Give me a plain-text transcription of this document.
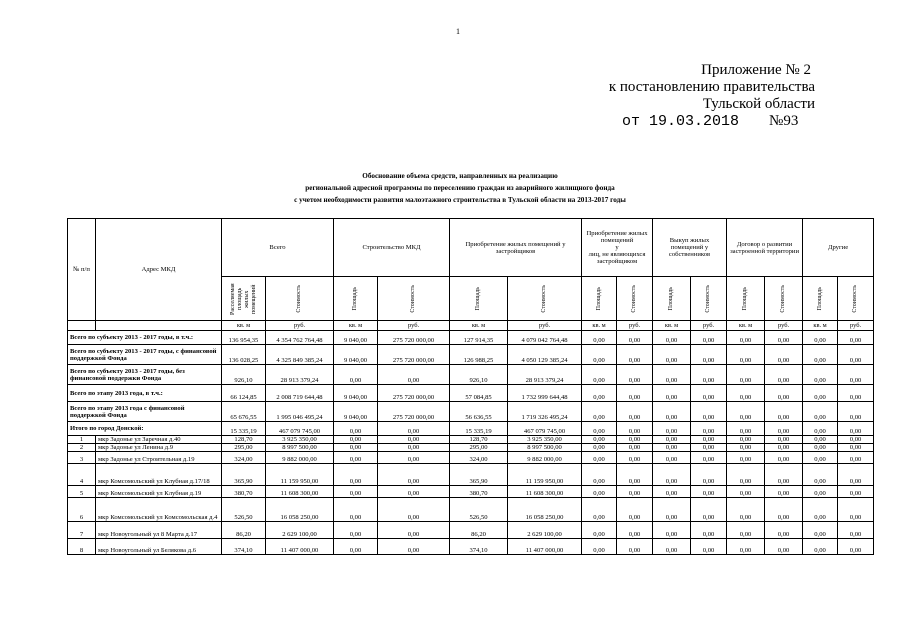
1
Приложение № 2
к постановлению правительства
Тульской области
от 19.03.2018 №93
Обоснование объема средств, направленных на реализацию
региональной адресной программы по переселению граждан из аварийного жилищного фонда
с учетом необходимости развития малоэтажного строительства в Тульской области на 2013-2017 годы
№ п/п	Адрес МКД	Всего		Строительство МКД		Приобретение жилых помещений у застройщиков		Приобретение жилых помещений
у
лиц, не являющихся застройщиком		Выкуп жилых помещений у собственников		Договор о развитии застроенной территории		Другие	

		Расселяемая площадь жилых помещений	Стоимость	Площадь	Стоимость	Площадь	Стоимость	Площадь	Стоимость	Площадь	Стоимость	Площадь	Стоимость	Площадь	Стоимость

		кв. м	руб.	кв. м	руб.	кв. м	руб.	кв. м	руб.	кв. м	руб.	кв. м	руб.	кв. м	руб.
Всего по субъекту 2013 - 2017 годы, в т.ч.:		136 954,35	4 354 762 764,48	9 040,00	275 720 000,00	127 914,35	4 079 042 764,48	0,00	0,00	0,00	0,00	0,00	0,00	0,00	0,00
Всего по субъекту 2013 - 2017 годы, с финансовой поддержкой Фонда		136 028,25	4 325 849 385,24	9 040,00	275 720 000,00	126 988,25	4 050 129 385,24	0,00	0,00	0,00	0,00	0,00	0,00	0,00	0,00
Всего по субъекту 2013 - 2017 годы, без финансовой поддержки Фонда		926,10	28 913 379,24	0,00	0,00	926,10	28 913 379,24	0,00	0,00	0,00	0,00	0,00	0,00	0,00	0,00
Всего по этапу 2013 года, в т.ч.:		66 124,85	2 008 719 644,48	9 040,00	275 720 000,00	57 084,85	1 732 999 644,48	0,00	0,00	0,00	0,00	0,00	0,00	0,00	0,00
Всего по этапу 2013 года с финансовой поддержкой Фонда		65 676,55	1 995 046 495,24	9 040,00	275 720 000,00	56 636,55	1 719 326 495,24	0,00	0,00	0,00	0,00	0,00	0,00	0,00	0,00
Итого по город Донской:		15 335,19	467 079 745,00	0,00	0,00	15 335,19	467 079 745,00	0,00	0,00	0,00	0,00	0,00	0,00	0,00	0,00
1	мкр Задонье ул Заречная д.40	128,70	3 925 350,00	0,00	0,00	128,70	3 925 350,00	0,00	0,00	0,00	0,00	0,00	0,00	0,00	0,00
2	мкр Задонье ул Ленина д.9	295,00	8 997 500,00	0,00	0,00	295,00	8 997 500,00	0,00	0,00	0,00	0,00	0,00	0,00	0,00	0,00
3	мкр Задонье ул Строительная д.19	324,00	9 882 000,00	0,00	0,00	324,00	9 882 000,00	0,00	0,00	0,00	0,00	0,00	0,00	0,00	0,00
4	мкр Комсомольский ул Клубная д.17/18	365,90	11 159 950,00	0,00	0,00	365,90	11 159 950,00	0,00	0,00	0,00	0,00	0,00	0,00	0,00	0,00
5	мкр Комсомольский ул Клубная д.19	380,70	11 608 300,00	0,00	0,00	380,70	11 608 300,00	0,00	0,00	0,00	0,00	0,00	0,00	0,00	0,00
6	мкр Комсомольский ул Комсомольская д.4	526,50	16 058 250,00	0,00	0,00	526,50	16 058 250,00	0,00	0,00	0,00	0,00	0,00	0,00	0,00	0,00
7	мкр Новоугольный ул 8 Марта д.17	86,20	2 629 100,00	0,00	0,00	86,20	2 629 100,00	0,00	0,00	0,00	0,00	0,00	0,00	0,00	0,00
8	мкр Новоугольный ул Белякова д.6	374,10	11 407 000,00	0,00	0,00	374,10	11 407 000,00	0,00	0,00	0,00	0,00	0,00	0,00	0,00	0,00
